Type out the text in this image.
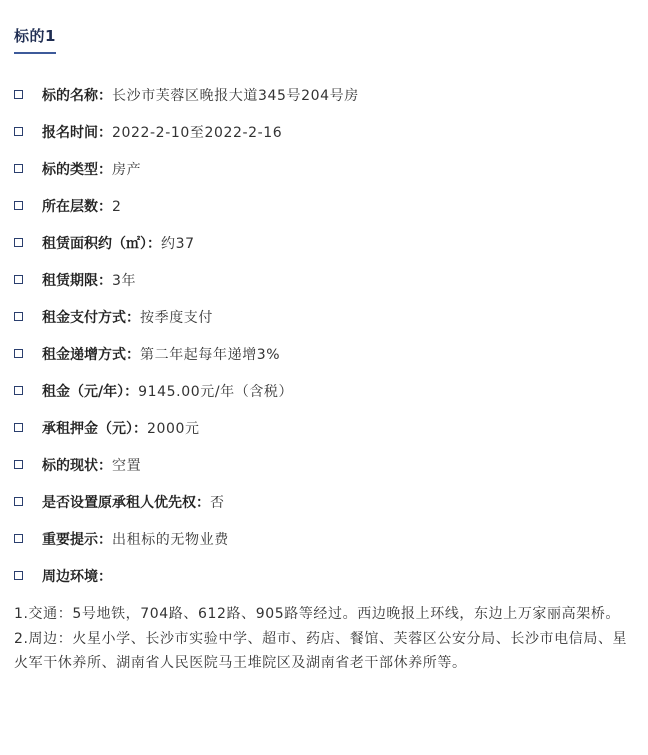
标的1
标的名称： 长沙市芙蓉区晚报大道345号204号房
报名时间： 2022-2-10至2022-2-16
标的类型： 房产
所在层数： 2
租赁面积约（㎡）： 约37
租赁期限： 3年
租金支付方式： 按季度支付
租金递增方式： 第二年起每年递增3%
租金（元/年）： 9145.00元/年（含税）
承租押金（元）： 2000元
标的现状： 空置
是否设置原承租人优先权： 否
重要提示： 出租标的无物业费
周边环境：

1.交通：5号地铁，704路、612路、905路等经过。西边晚报上环线，东边上万家丽高架桥。

2.周边：火星小学、长沙市实验中学、超市、药店、餐馆、芙蓉区公安分局、长沙市电信局、星火军干休养所、湖南省人民医院马王堆院区及湖南省老干部休养所等。
